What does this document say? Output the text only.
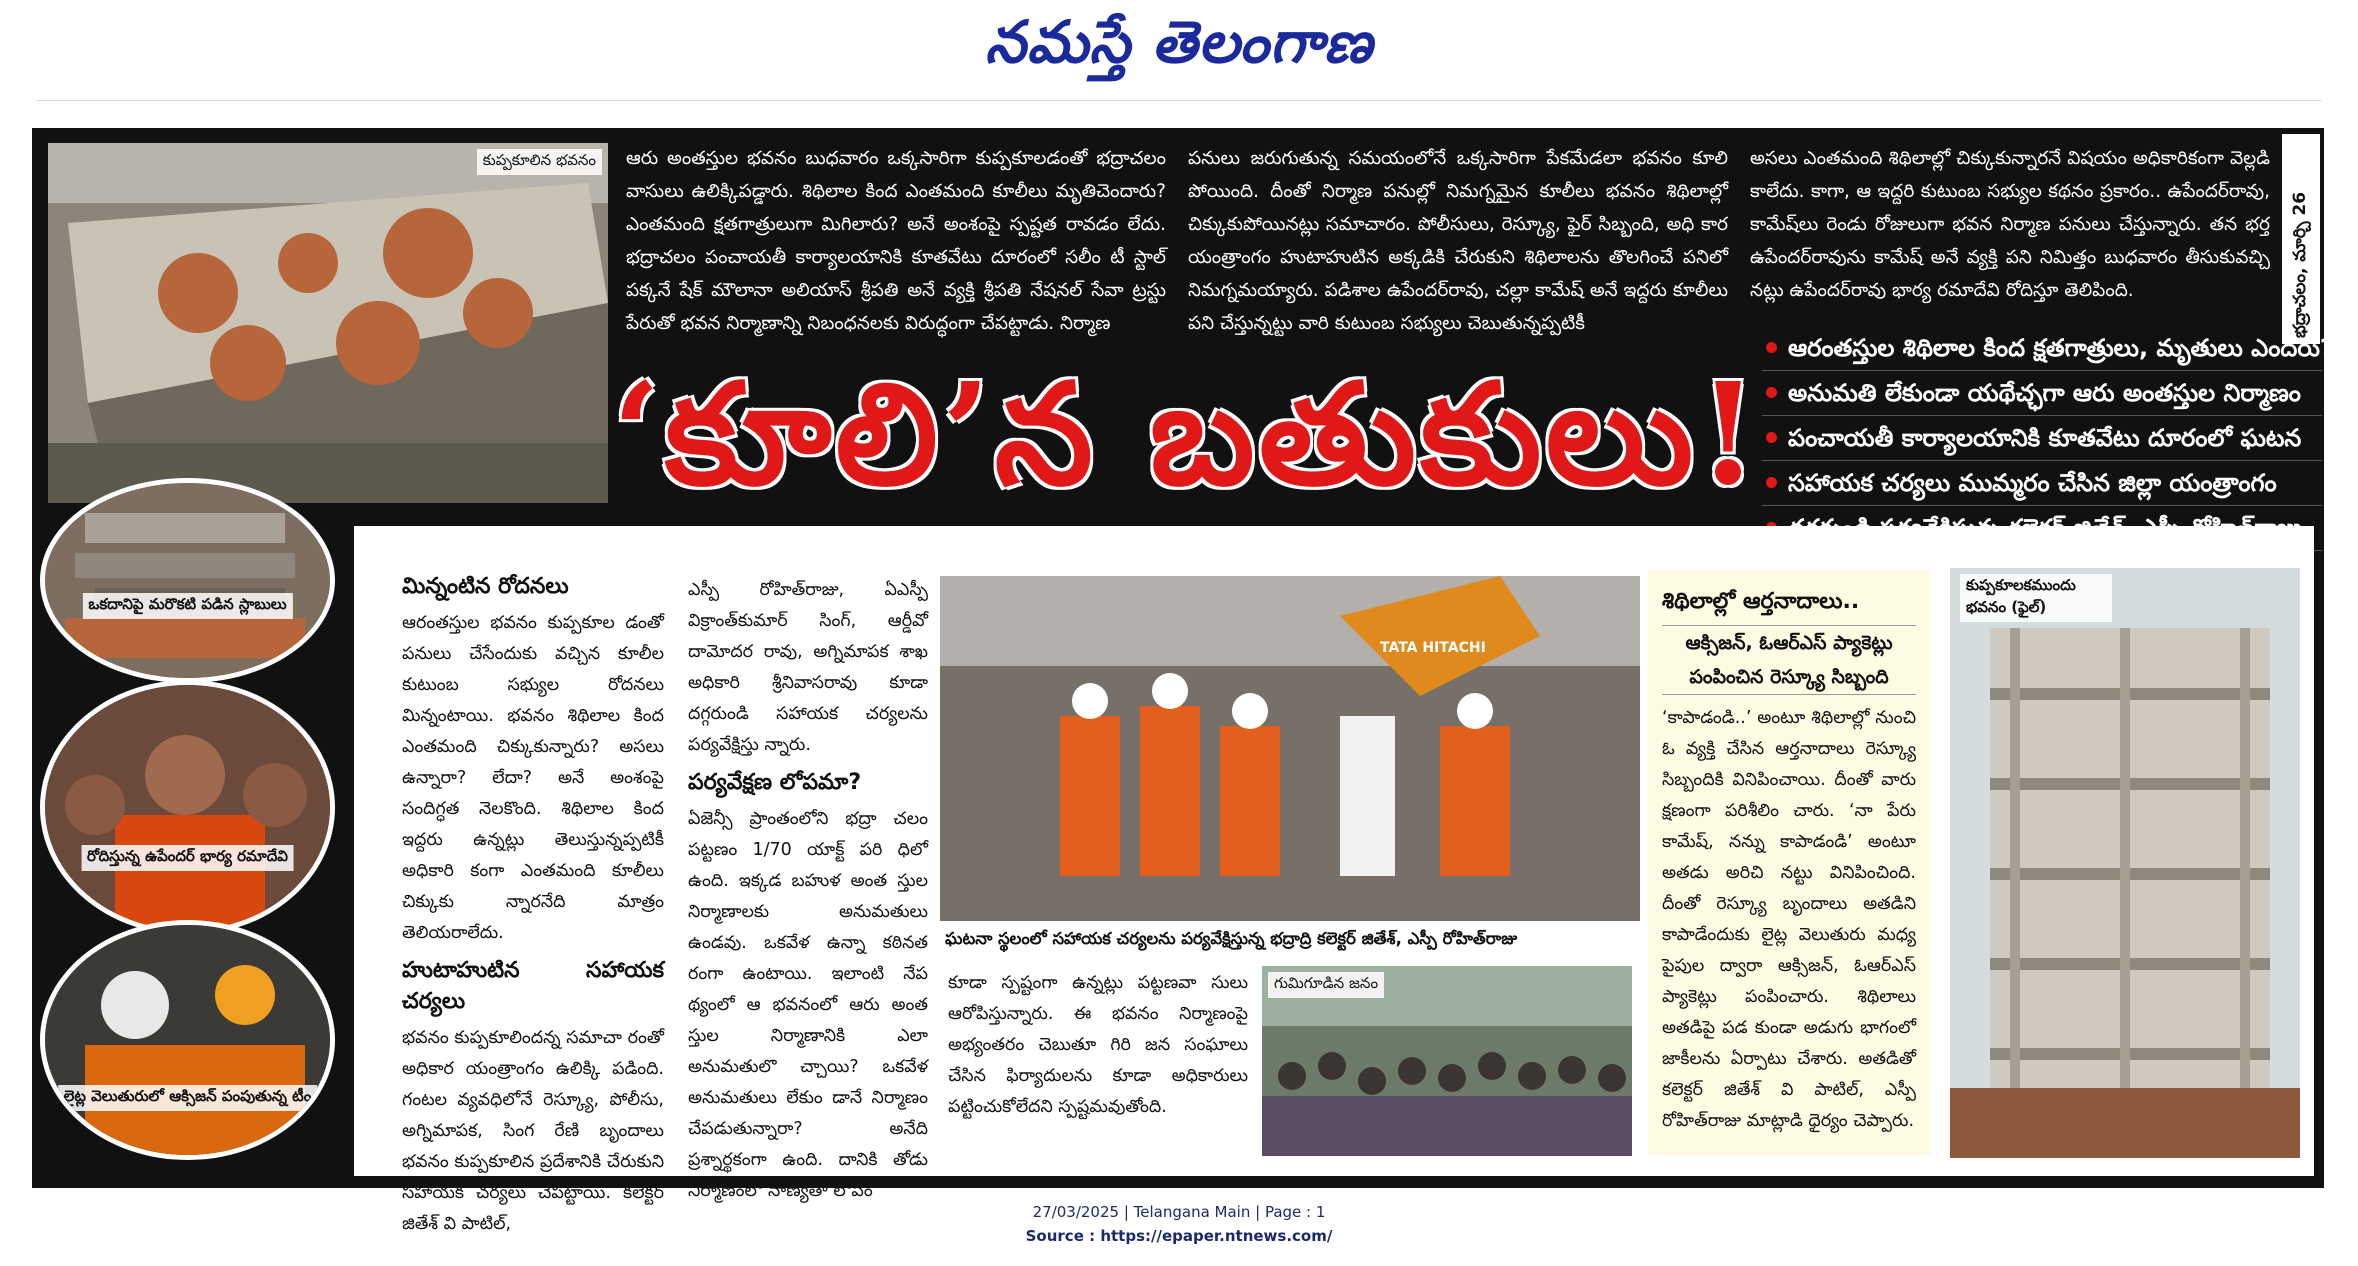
నమస్తే తెలంగాణ
కుప్పకూలిన భవనం	ఆరు అంతస్తుల భవనం బుధవారం ఒక్కసారిగా కుప్పకూలడంతో భద్రాచలం వాసులు ఉలిక్కిపడ్డారు. శిథిలాల కింద ఎంతమంది కూలీలు మృతిచెందారు? ఎంతమంది క్షతగాత్రులుగా మిగిలారు? అనే అంశంపై స్పష్టత రావడం లేదు. భద్రాచలం పంచాయతీ కార్యాలయానికి కూతవేటు దూరంలో సలీం టీ స్టాల్ పక్కనే షేక్ మౌలానా అలియాస్ శ్రీపతి అనే వ్యక్తి శ్రీపతి నేషనల్ సేవా ట్రస్టు పేరుతో భవన నిర్మాణాన్ని నిబంధనలకు విరుద్ధంగా చేపట్టాడు. నిర్మాణ
పనులు జరుగుతున్న సమయంలోనే ఒక్కసారిగా పేకమేడలా భవనం కూలి పోయింది. దీంతో నిర్మాణ పనుల్లో నిమగ్నమైన కూలీలు భవనం శిథిలాల్లో చిక్కుకుపోయినట్లు సమాచారం. పోలీసులు, రెస్క్యూ, ఫైర్ సిబ్బంది, అధి కార యంత్రాంగం హుటాహుటిన అక్కడికి చేరుకుని శిథిలాలను తొలగించే పనిలో నిమగ్నమయ్యారు. పడిశాల ఉపేందర్‌రావు, చల్లా కామేష్ అనే ఇద్దరు కూలీలు పని చేస్తున్నట్టు వారి కుటుంబ సభ్యులు చెబుతున్నప్పటికీ
అసలు ఎంతమంది శిథిలాల్లో చిక్కుకున్నారనే విషయం అధికారికంగా వెల్లడి కాలేదు. కాగా, ఆ ఇద్దరి కుటుంబ సభ్యుల కథనం ప్రకారం.. ఉపేందర్‌రావు, కామేష్‌లు రెండు రోజులుగా భవన నిర్మాణ పనులు చేస్తున్నారు. తన భర్త ఉపేందర్‌రావును కామేష్ అనే వ్యక్తి పని నిమిత్తం బుధవారం తీసుకువచ్చి నట్లు ఉపేందర్‌రావు భార్య రమాదేవి రోదిస్తూ తెలిపింది.	భద్రాచలం, మార్చి 26
‘కూలి’న బతుకులు!
ఆరంతస్తుల శిథిలాల కింద క్షతగాత్రులు, మృతులు ఎందరు?
అనుమతి లేకుండా యథేచ్ఛగా ఆరు అంతస్తుల నిర్మాణం
పంచాయతీ కార్యాలయానికి కూతవేటు దూరంలో ఘటన
సహాయక చర్యలు ముమ్మరం చేసిన జిల్లా యంత్రాంగం
ఒకదానిపై మరొకటి పడిన స్లాబులు
రోదిస్తున్న ఉపేందర్ భార్య రమాదేవి
లైట్ల వెలుతురులో ఆక్సిజన్ పంపుతున్న టీం
మిన్నంటిన రోదనలు
ఆరంతస్తుల భవనం కుప్పకూల డంతో పనులు చేసేందుకు వచ్చిన కూలీల కుటుంబ సభ్యుల రోదనలు మిన్నంటాయి. భవనం శిథిలాల కింద ఎంతమంది చిక్కుకున్నారు? అసలు ఉన్నారా? లేదా? అనే అంశంపై సందిగ్ధత నెలకొంది. శిథిలాల కింద ఇద్దరు ఉన్నట్లు తెలుస్తున్నప్పటికీ అధికారి కంగా ఎంతమంది కూలీలు చిక్కుకు న్నారనేది మాత్రం తెలియరాలేదు.
హుటాహుటిన సహాయక చర్యలు
భవనం కుప్పకూలిందన్న సమాచా రంతో అధికార యంత్రాంగం ఉలిక్కి పడింది. గంటల వ్యవధిలోనే రెస్క్యూ, పోలీసు, అగ్నిమాపక, సింగ రేణి బృందాలు భవనం కుప్పకూలిన ప్రదేశానికి చేరుకుని సహాయక చర్యలు చేపట్టాయి. కలెక్టర్ జితేశ్ వి పాటిల్,
ఎస్పీ రోహిత్‌రాజు, ఏఎస్పీ విక్రాంత్‌కుమార్ సింగ్, ఆర్డీవో దామోదర రావు, అగ్నిమాపక శాఖ అధికారి శ్రీనివాసరావు కూడా దగ్గరుండి సహాయక చర్యలను పర్యవేక్షిస్తు న్నారు.
పర్యవేక్షణ లోపమా?
ఏజెన్సీ ప్రాంతంలోని భద్రా చలం పట్టణం 1/70 యాక్ట్ పరి ధిలో ఉంది. ఇక్కడ బహుళ అంత స్తుల నిర్మాణాలకు అనుమతులు ఉండవు. ఒకవేళ ఉన్నా కఠినత రంగా ఉంటాయి. ఇలాంటి నేప థ్యంలో ఆ భవనంలో ఆరు అంత స్తుల నిర్మాణానికి ఎలా అనుమతులొ చ్చాయి? ఒకవేళ అనుమతులు లేకుం డానే నిర్మాణం చేపడుతున్నారా? అనేది ప్రశ్నార్థకంగా ఉంది. దానికి తోడు నిర్మాణంలో నాణ్యతా లోపం
TATA HITACHI
ఘటనా స్థలంలో సహాయక చర్యలను పర్యవేక్షిస్తున్న భద్రాద్రి కలెక్టర్ జితేశ్, ఎస్పీ రోహిత్‌రాజు
కూడా స్పష్టంగా ఉన్నట్లు పట్టణవా సులు ఆరోపిస్తున్నారు. ఈ భవనం నిర్మాణంపై అభ్యంతరం చెబుతూ గిరి జన సంఘాలు చేసిన ఫిర్యాదులను కూడా అధికారులు పట్టించుకోలేదని స్పష్టమవుతోంది.
గుమిగూడిన జనం
శిథిలాల్లో ఆర్తనాదాలు..
ఆక్సిజన్, ఓఆర్ఎస్ ప్యాకెట్లు పంపించిన రెస్క్యూ సిబ్బంది
‘కాపాడండి..’ అంటూ శిథిలాల్లో నుంచి ఓ వ్యక్తి చేసిన ఆర్తనాదాలు రెస్క్యూ సిబ్బందికి వినిపించాయి. దీంతో వారు క్షణంగా పరిశీలిం చారు. ‘నా పేరు కామేష్, నన్ను కాపాడండి’ అంటూ అతడు అరిచి నట్టు వినిపించింది. దీంతో రెస్క్యూ బృందాలు అతడిని కాపాడేందుకు లైట్ల వెలుతురు మధ్య పైపుల ద్వారా ఆక్సిజన్, ఓఆర్ఎస్ ప్యాకెట్లు పంపించారు. శిథిలాలు అతడిపై పడ కుండా అడుగు భాగంలో జాకీలను ఏర్పాటు చేశారు. అతడితో కలెక్టర్ జితేశ్ వి పాటిల్, ఎస్పీ రోహిత్‌రాజు మాట్లాడి ధైర్యం చెప్పారు.
కుప్పకూలకముందు భవనం (ఫైల్)
27/03/2025 | Telangana Main | Page : 1
Source : https://epaper.ntnews.com/
